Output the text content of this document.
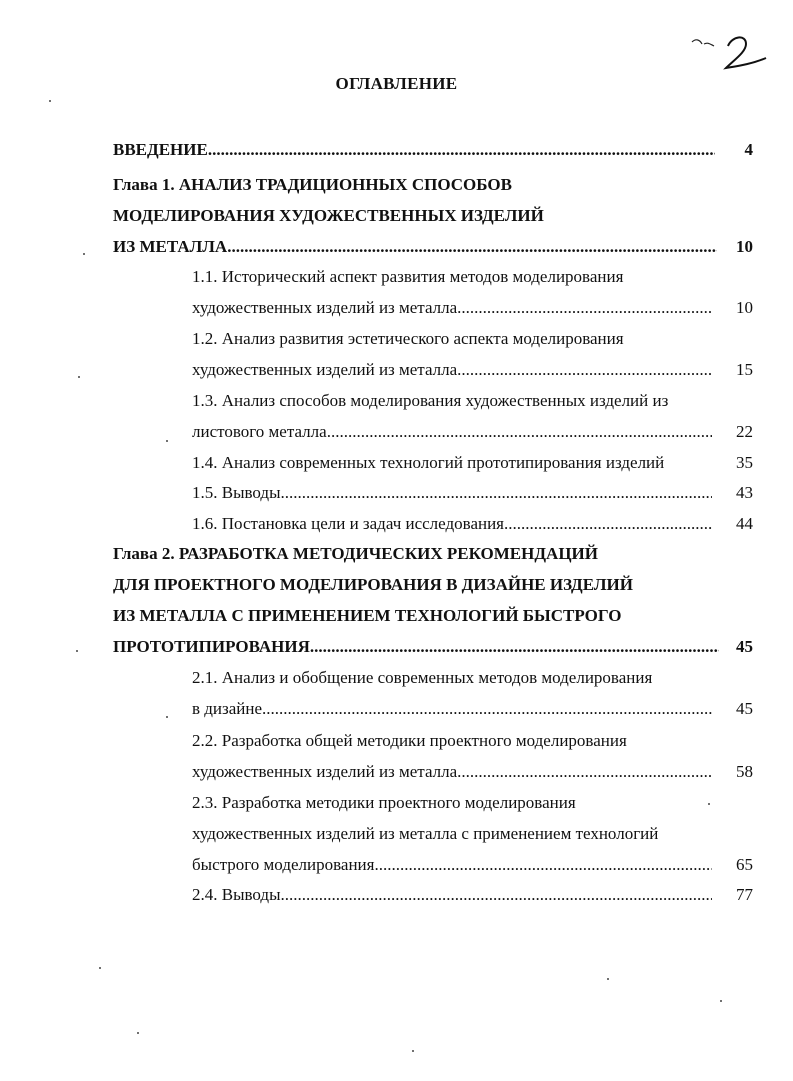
ОГЛАВЛЕНИЕ
ВВЕДЕНИЕ .....	4
Глава 1. АНАЛИЗ ТРАДИЦИОННЫХ СПОСОБОВ
МОДЕЛИРОВАНИЯ ХУДОЖЕСТВЕННЫХ ИЗДЕЛИЙ
ИЗ МЕТАЛЛА .....	10
1.1. Исторический аспект развития методов моделирования
художественных изделий из металла .....	10
1.2. Анализ развития эстетического аспекта моделирования
художественных изделий из металла .....	15
1.3. Анализ способов моделирования художественных изделий из
листового металла .....	22
1.4. Анализ современных технологий прототипирования изделий	35
1.5. Выводы .....	43
1.6. Постановка цели и задач исследования .....	44
Глава 2. РАЗРАБОТКА МЕТОДИЧЕСКИХ РЕКОМЕНДАЦИЙ
ДЛЯ ПРОЕКТНОГО МОДЕЛИРОВАНИЯ В ДИЗАЙНЕ ИЗДЕЛИЙ
ИЗ МЕТАЛЛА С ПРИМЕНЕНИЕМ ТЕХНОЛОГИЙ БЫСТРОГО
ПРОТОТИПИРОВАНИЯ .....	45
2.1. Анализ и обобщение современных методов моделирования
в дизайне .....	45
2.2. Разработка общей методики проектного моделирования
художественных изделий из металла .....	58
2.3. Разработка методики проектного моделирования
художественных изделий из металла с применением технологий
быстрого моделирования .....	65
2.4. Выводы .....	77
